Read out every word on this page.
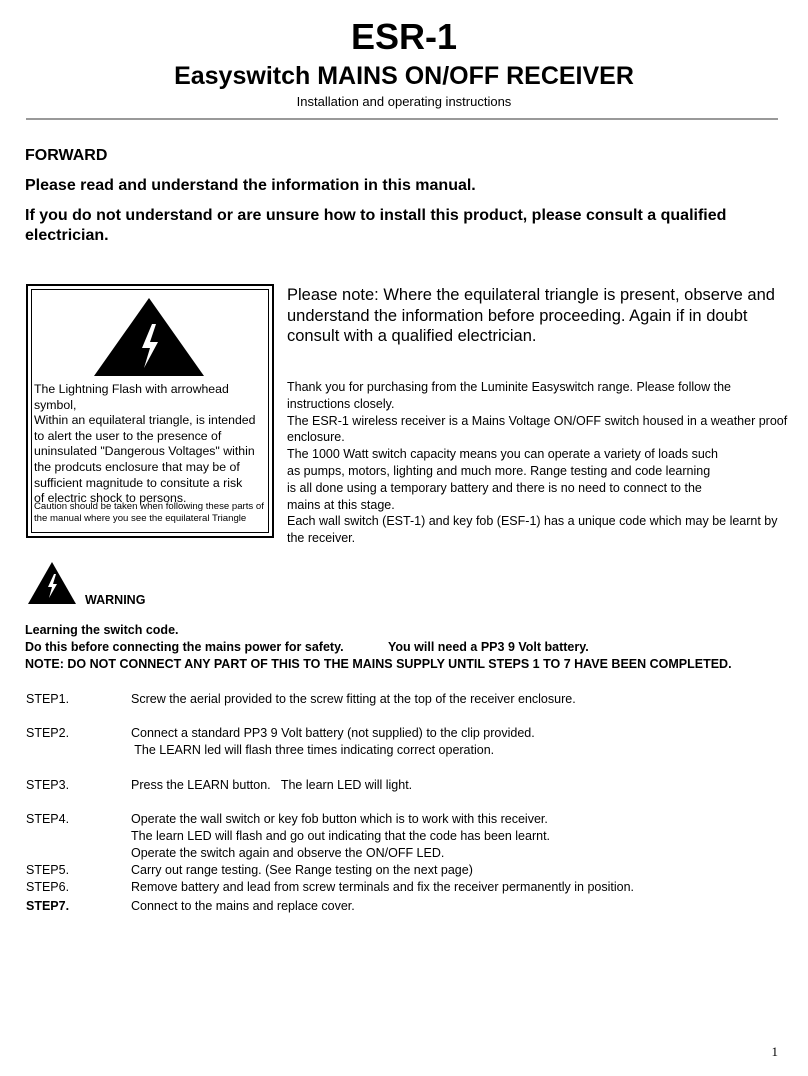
ESR-1
Easyswitch MAINS ON/OFF RECEIVER
Installation and operating instructions
FORWARD
Please read and understand the information in this manual.
If you do not understand or are unsure how to install this product, please consult a qualified electrician.
The Lightning Flash with arrowhead symbol,
Within an equilateral triangle, is intended
to alert the user to the presence of
uninsulated "Dangerous Voltages" within
the prodcuts enclosure that may be of
sufficient magnitude to consitute a risk
of electric shock to persons.
Caution should be taken when following these parts of
the manual where you see the equilateral Triangle
Please note: Where the equilateral triangle is present, observe and understand the information before proceeding. Again if in doubt consult with a qualified electrician.
Thank you for purchasing from the Luminite Easyswitch range. Please follow the instructions closely.
The ESR-1 wireless receiver is a Mains Voltage ON/OFF switch housed in a weather proof enclosure.
The 1000 Watt switch capacity means you can operate a variety of loads such
as pumps, motors, lighting and much more. Range testing and code learning
is all done using a temporary battery and there is no need to connect to the
mains at this stage.
Each wall switch (EST-1) and key fob (ESF-1) has a unique code which may be learnt by the receiver.
WARNING
Learning the switch code.
Do this before connecting the mains power for safety.	You will need a PP3 9 Volt battery.
NOTE: DO NOT CONNECT ANY PART OF THIS TO THE MAINS SUPPLY UNTIL STEPS 1 TO 7 HAVE BEEN COMPLETED.
STEP1.	Screw the aerial provided to the screw fitting at the top of the receiver enclosure.
STEP2.	Connect a standard PP3 9 Volt battery (not supplied) to the clip provided.
The LEARN led will flash three times indicating correct operation.
STEP3.	Press the LEARN button.   The learn LED will light.
STEP4.	Operate the wall switch or key fob button which is to work with this receiver.
The learn LED will flash and go out indicating that the code has been learnt.
Operate the switch again and observe the ON/OFF LED.
STEP5.	Carry out range testing. (See Range testing on the next page)
STEP6.	Remove battery and lead from screw terminals and fix the receiver permanently in position.
STEP7.	Connect to the mains and replace cover.
1
